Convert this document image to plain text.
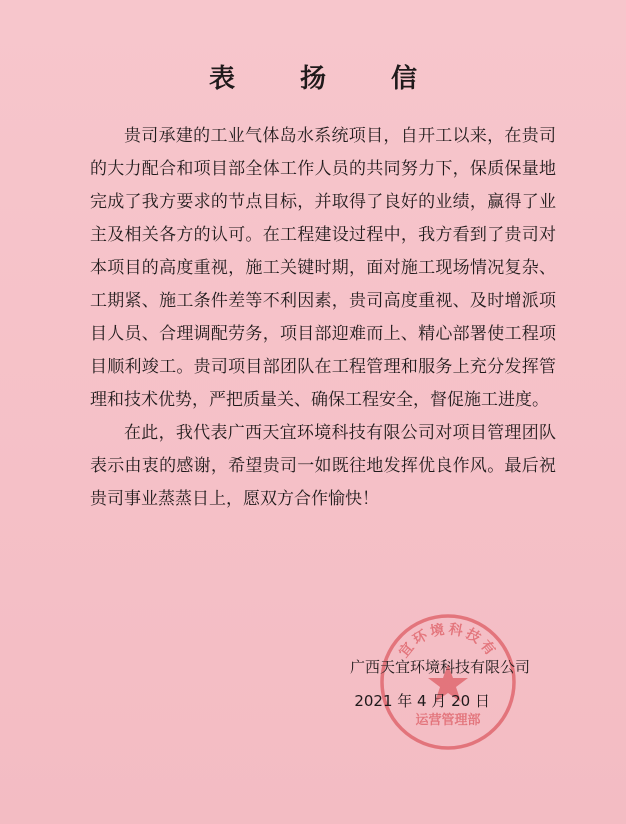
表 扬 信

贵司承建的工业气体岛水系统项目，自开工以来，在贵司的大力配合和项目部全体工作人员的共同努力下，保质保量地完成了我方要求的节点目标，并取得了良好的业绩，赢得了业主及相关各方的认可。在工程建设过程中，我方看到了贵司对本项目的高度重视，施工关键时期，面对施工现场情况复杂、工期紧、施工条件差等不利因素，贵司高度重视、及时增派项目人员、合理调配劳务，项目部迎难而上、精心部署使工程项目顺利竣工。贵司项目部团队在工程管理和服务上充分发挥管理和技术优势，严把质量关、确保工程安全，督促施工进度。

在此，我代表广西天宜环境科技有限公司对项目管理团队表示由衷的感谢，希望贵司一如既往地发挥优良作风。最后祝贵司事业蒸蒸日上，愿双方合作愉快！

宜环境科技有
运营管理部
广西天宜环境科技有限公司
2021 年 4 月 20 日
